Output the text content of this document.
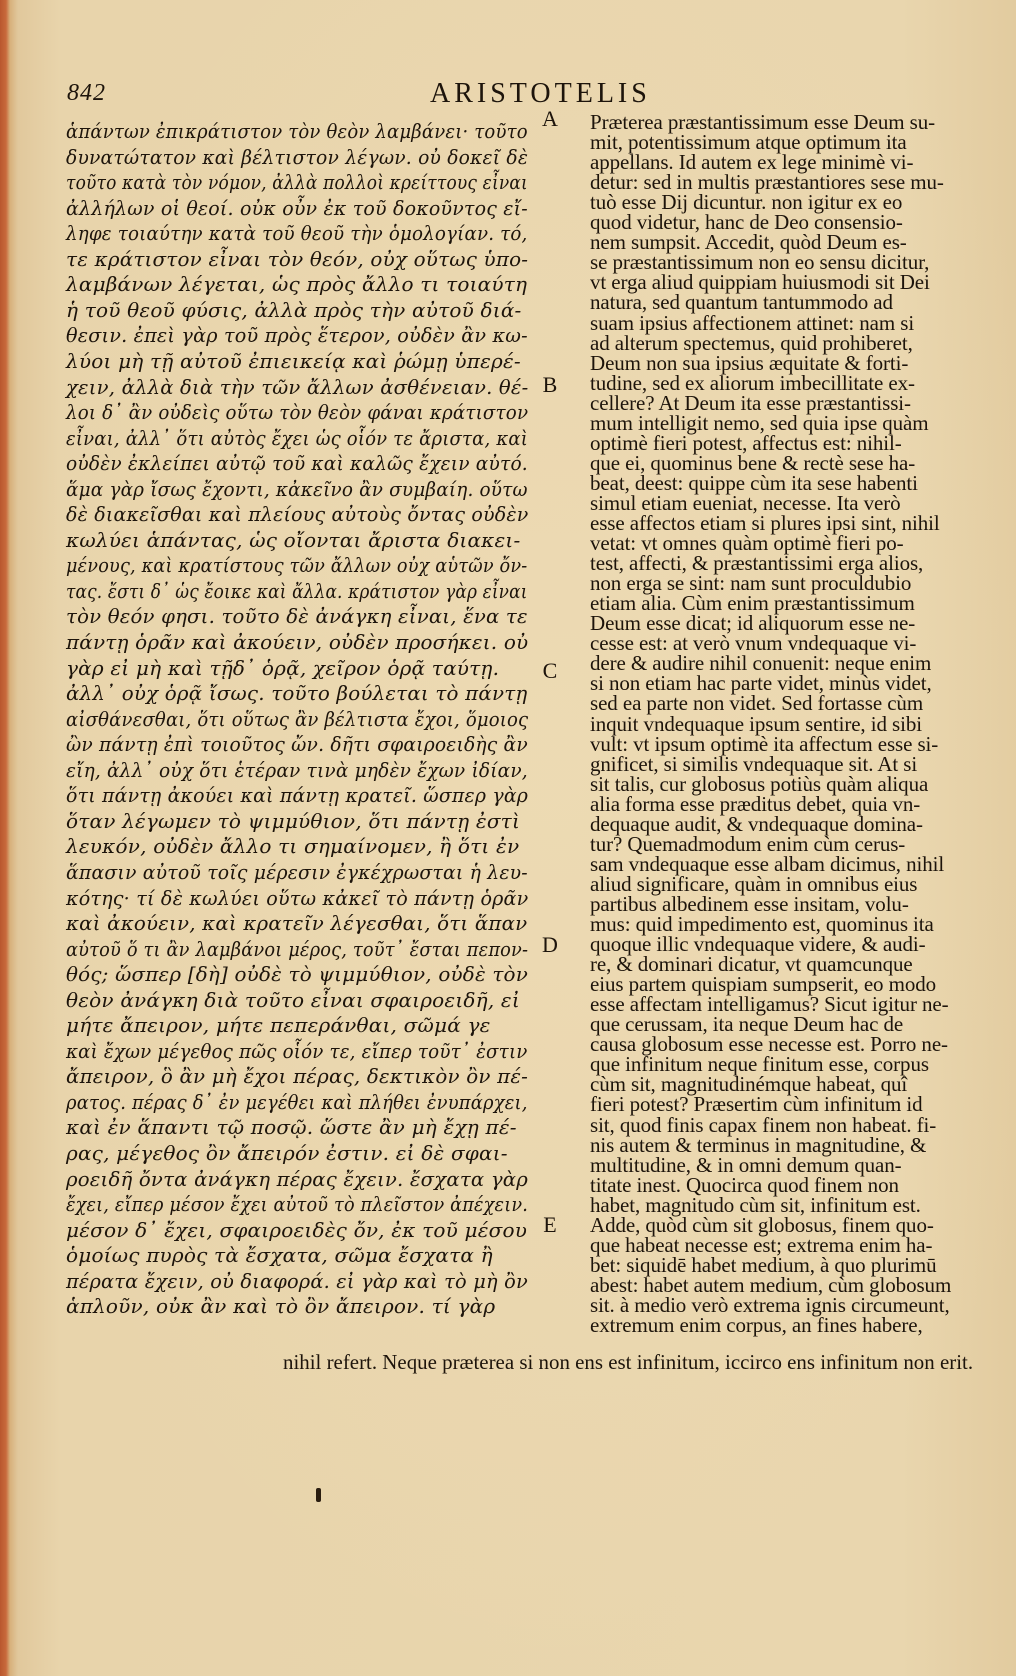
842	ARISTOTELIS
ἁπάντων ἐπικράτιστον τὸν θεὸν λαμβάνει· τοῦτο
δυνατώτατον καὶ βέλτιστον λέγων. οὐ δοκεῖ δὲ
τοῦτο κατὰ τὸν νόμον, ἀλλὰ πολλοὶ κρείττους εἶναι
ἀλλήλων οἱ θεοί. οὐκ οὖν ἐκ τοῦ δοκοῦντος εἴ-
ληφε τοιαύτην κατὰ τοῦ θεοῦ τὴν ὁμολογίαν. τό,
τε κράτιστον εἶναι τὸν θεόν, οὐχ οὕτως ὑπο-
λαμβάνων λέγεται, ὡς πρὸς ἄλλο τι τοιαύτη
ἡ τοῦ θεοῦ φύσις, ἀλλὰ πρὸς τὴν αὐτοῦ διά-
θεσιν. ἐπεὶ γὰρ τοῦ πρὸς ἕτερον, οὐδὲν ἂν κω-
λύοι μὴ τῇ αὐτοῦ ἐπιεικείᾳ καὶ ῥώμῃ ὑπερέ-
χειν, ἀλλὰ διὰ τὴν τῶν ἄλλων ἀσθένειαν. θέ-
λοι δ᾽ ἂν οὐδεὶς οὕτω τὸν θεὸν φάναι κράτιστον
εἶναι, ἀλλ᾽ ὅτι αὐτὸς ἔχει ὡς οἷόν τε ἄριστα, καὶ
οὐδὲν ἐκλείπει αὐτῷ τοῦ καὶ καλῶς ἔχειν αὐτό.
ἅμα γὰρ ἴσως ἔχοντι, κἀκεῖνο ἂν συμβαίη. οὕτω
δὲ διακεῖσθαι καὶ πλείους αὐτοὺς ὄντας οὐδὲν
κωλύει ἁπάντας, ὡς οἴονται ἄριστα διακει-
μένους, καὶ κρατίστους τῶν ἄλλων οὐχ αὑτῶν ὄν-
τας. ἔστι δ᾽ ὡς ἔοικε καὶ ἄλλα. κράτιστον γὰρ εἶναι
τὸν θεόν φησι. τοῦτο δὲ ἀνάγκη εἶναι, ἕνα τε
πάντῃ ὁρᾶν καὶ ἀκούειν, οὐδὲν προσήκει. οὐ
γὰρ εἰ μὴ καὶ τῇδ᾽ ὁρᾷ, χεῖρον ὁρᾷ ταύτῃ.
ἀλλ᾽ οὐχ ὁρᾷ ἴσως. τοῦτο βούλεται τὸ πάντῃ
αἰσθάνεσθαι, ὅτι οὕτως ἂν βέλτιστα ἔχοι, ὅμοιος
ὢν πάντῃ ἐπὶ τοιοῦτος ὤν. δῆτι σφαιροειδὴς ἂν
εἴη, ἀλλ᾽ οὐχ ὅτι ἑτέραν τινὰ μηδὲν ἔχων ἰδίαν,
ὅτι πάντῃ ἀκούει καὶ πάντῃ κρατεῖ. ὥσπερ γὰρ
ὅταν λέγωμεν τὸ ψιμμύθιον, ὅτι πάντῃ ἐστὶ
λευκόν, οὐδὲν ἄλλο τι σημαίνομεν, ἢ ὅτι ἐν
ἅπασιν αὐτοῦ τοῖς μέρεσιν ἐγκέχρωσται ἡ λευ-
κότης· τί δὲ κωλύει οὕτω κἀκεῖ τὸ πάντῃ ὁρᾶν
καὶ ἀκούειν, καὶ κρατεῖν λέγεσθαι, ὅτι ἅπαν
αὐτοῦ ὅ τι ἂν λαμβάνοι μέρος, τοῦτ᾽ ἔσται πεπον-
θός; ὥσπερ [δὴ] οὐδὲ τὸ ψιμμύθιον, οὐδὲ τὸν
θεὸν ἀνάγκη διὰ τοῦτο εἶναι σφαιροειδῆ, εἰ
μήτε ἄπειρον, μήτε πεπεράνθαι, σῶμά γε
καὶ ἔχων μέγεθος πῶς οἷόν τε, εἴπερ τοῦτ᾽ ἐστιν
ἄπειρον, ὃ ἂν μὴ ἔχοι πέρας, δεκτικὸν ὂν πέ-
ρατος. πέρας δ᾽ ἐν μεγέθει καὶ πλήθει ἐνυπάρχει,
καὶ ἐν ἅπαντι τῷ ποσῷ. ὥστε ἂν μὴ ἔχῃ πέ-
ρας, μέγεθος ὂν ἄπειρόν ἐστιν. εἰ δὲ σφαι-
ροειδῆ ὄντα ἀνάγκη πέρας ἔχειν. ἔσχατα γὰρ
ἔχει, εἴπερ μέσον ἔχει αὐτοῦ τὸ πλεῖστον ἀπέχειν.
μέσον δ᾽ ἔχει, σφαιροειδὲς ὄν, ἐκ τοῦ μέσου
ὁμοίως πυρὸς τὰ ἔσχατα, σῶμα ἔσχατα ἢ
πέρατα ἔχειν, οὐ διαφορά. εἰ γὰρ καὶ τὸ μὴ ὂν
ἁπλοῦν, οὐκ ἂν καὶ τὸ ὂν ἄπειρον. τί γὰρ
A
B
C
D
E
Præterea præstantissimum esse Deum su-
mit, potentissimum atque optimum ita
appellans. Id autem ex lege minimè vi-
detur: sed in multis præstantiores sese mu-
tuò esse Dij dicuntur. non igitur ex eo
quod videtur, hanc de Deo consensio-
nem sumpsit. Accedit, quòd Deum es-
se præstantissimum non eo sensu dicitur,
vt erga aliud quippiam huiusmodi sit Dei
natura, sed quantum tantummodo ad
suam ipsius affectionem attinet: nam si
ad alterum spectemus, quid prohiberet,
Deum non sua ipsius æquitate & forti-
tudine, sed ex aliorum imbecillitate ex-
cellere? At Deum ita esse præstantissi-
mum intelligit nemo, sed quia ipse quàm
optimè fieri potest, affectus est: nihil-
que ei, quominus bene & rectè sese ha-
beat, deest: quippe cùm ita sese habenti
simul etiam eueniat, necesse. Ita verò
esse affectos etiam si plures ipsi sint, nihil
vetat: vt omnes quàm optimè fieri po-
test, affecti, & præstantissimi erga alios,
non erga se sint: nam sunt proculdubio
etiam alia. Cùm enim præstantissimum
Deum esse dicat; id aliquorum esse ne-
cesse est: at verò vnum vndequaque vi-
dere & audire nihil conuenit: neque enim
si non etiam hac parte videt, minùs videt,
sed ea parte non videt. Sed fortasse cùm
inquit vndequaque ipsum sentire, id sibi
vult: vt ipsum optimè ita affectum esse si-
gnificet, si similis vndequaque sit. At si
sit talis, cur globosus potiùs quàm aliqua
alia forma esse præditus debet, quia vn-
dequaque audit, & vndequaque domina-
tur? Quemadmodum enim cùm cerus-
sam vndequaque esse albam dicimus, nihil
aliud significare, quàm in omnibus eius
partibus albedinem esse insitam, volu-
mus: quid impedimento est, quominus ita
quoque illic vndequaque videre, & audi-
re, & dominari dicatur, vt quamcunque
eius partem quispiam sumpserit, eo modo
esse affectam intelligamus? Sicut igitur ne-
que cerussam, ita neque Deum hac de
causa globosum esse necesse est. Porro ne-
que infinitum neque finitum esse, corpus
cùm sit, magnitudinémque habeat, quî
fieri potest? Præsertim cùm infinitum id
sit, quod finis capax finem non habeat. fi-
nis autem & terminus in magnitudine, &
multitudine, & in omni demum quan-
titate inest. Quocirca quod finem non
habet, magnitudo cùm sit, infinitum est.
Adde, quòd cùm sit globosus, finem quo-
que habeat necesse est; extrema enim ha-
bet: siquidē habet medium, à quo plurimū
abest: habet autem medium, cùm globosum
sit. à medio verò extrema ignis circumeunt,
extremum enim corpus, an fines habere,
nihil refert. Neque præterea si non ens est infinitum, iccirco ens infinitum non erit.
